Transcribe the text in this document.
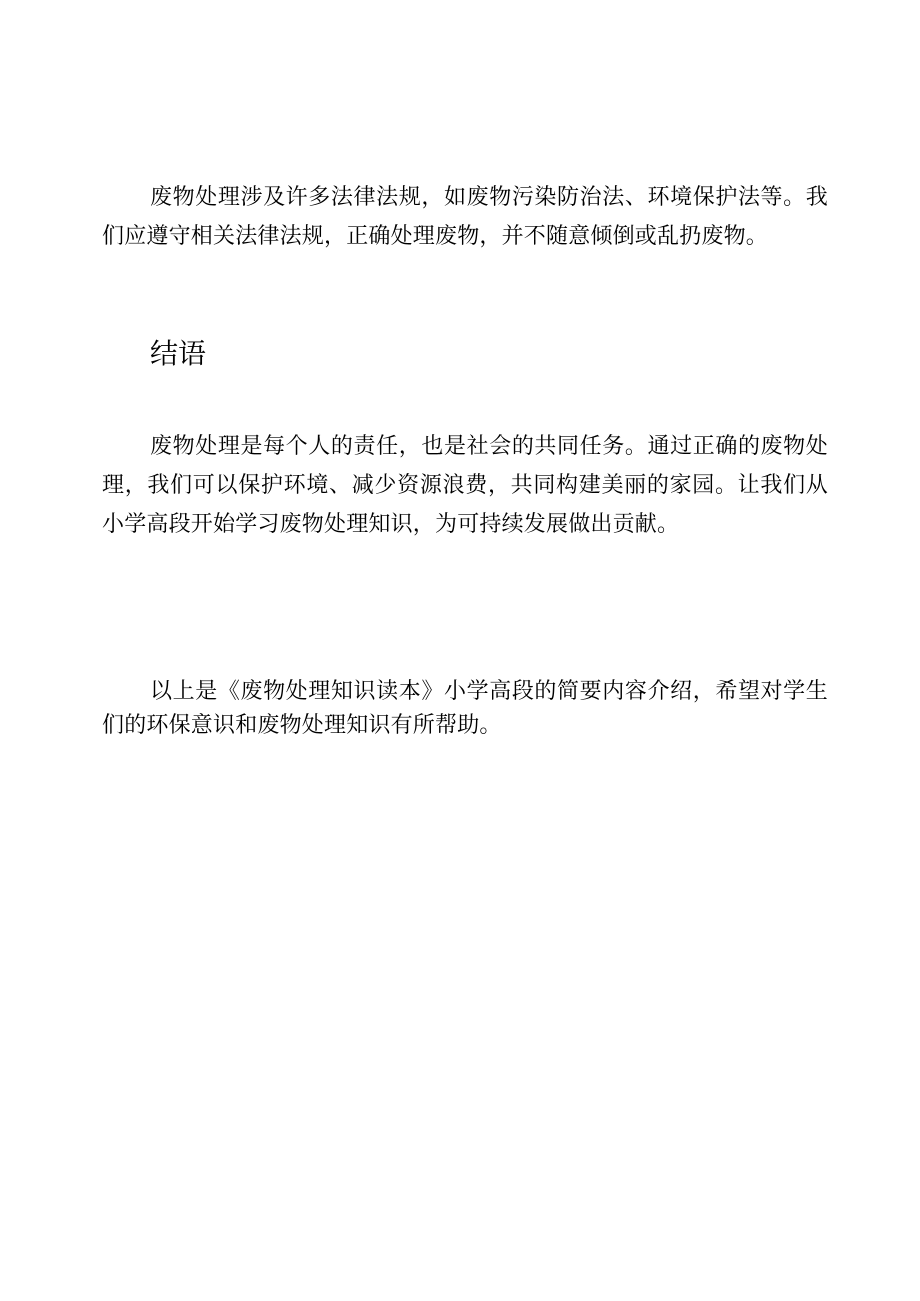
废物处理涉及许多法律法规，如废物污染防治法、环境保护法等。我们应遵守相关法律法规，正确处理废物，并不随意倾倒或乱扔废物。

结语

废物处理是每个人的责任，也是社会的共同任务。通过正确的废物处理，我们可以保护环境、减少资源浪费，共同构建美丽的家园。让我们从小学高段开始学习废物处理知识，为可持续发展做出贡献。

以上是《废物处理知识读本》小学高段的简要内容介绍，希望对学生们的环保意识和废物处理知识有所帮助。
